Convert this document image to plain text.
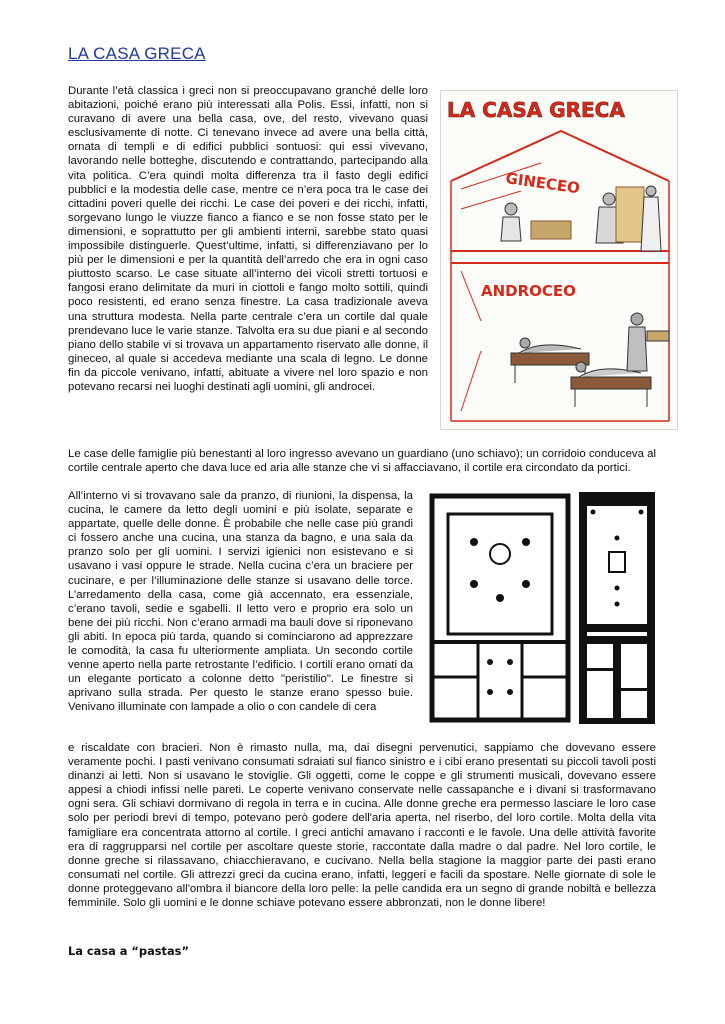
LA CASA GRECA

Durante l’età classica i greci non si preoccupavano granché delle loro abitazioni, poiché erano più interessati alla Polis. Essi, infatti, non si curavano di avere una bella casa, ove, del resto, vivevano quasi esclusivamente di notte. Ci tenevano invece ad avere una bella città, ornata di templi e di edifici pubblici sontuosi: qui essi vivevano, lavorando nelle botteghe, discutendo e contrattando, partecipando alla vita politica. C’era quindi molta differenza tra il fasto degli edifici pubblici e la modestia delle case, mentre ce n’era poca tra le case dei cittadini poveri quelle dei ricchi. Le case dei poveri e dei ricchi, infatti, sorgevano lungo le viuzze fianco a fianco e se non fosse stato per le dimensioni, e soprattutto per gli ambienti interni, sarebbe stato quasi impossibile distinguerle. Quest’ultime, infatti, si differenziavano per lo più per le dimensioni e per la quantità dell’arredo che era in ogni caso piuttosto scarso. Le case situate all’interno dei vicoli stretti tortuosi e fangosi erano delimitate da muri in ciottoli e fango molto sottili, quindi poco resistenti, ed erano senza finestre. La casa tradizionale aveva una struttura modesta. Nella parte centrale c’era un cortile dal quale prendevano luce le varie stanze. Talvolta era su due piani e al secondo piano dello stabile vi si trovava un appartamento riservato alle donne, il gineceo, al quale si accedeva mediante una scala di legno. Le donne fin da piccole venivano, infatti, abituate a vivere nel loro spazio e non potevano recarsi nei luoghi destinati agli uomini, gli androcei.

Le case delle famiglie più benestanti al loro ingresso avevano un guardiano (uno schiavo); un corridoio conduceva al cortile centrale aperto che dava luce ed aria alle stanze che vi si affacciavano, il cortile era circondato da portici.

All’interno vi si trovavano sale da pranzo, di riunioni, la dispensa, la cucina, le camere da letto degli uomini e più isolate, separate e appartate, quelle delle donne. È probabile che nelle case più grandi ci fossero anche una cucina, una stanza da bagno, e una sala da pranzo solo per gli uomini. I servizi igienici non esistevano e si usavano i vasi oppure le strade. Nella cucina c’era un braciere per cucinare, e per l’illuminazione delle stanze si usavano delle torce. L’arredamento della casa, come già accennato, era essenziale, c’erano tavoli, sedie e sgabelli. Il letto vero e proprio era solo un bene dei più ricchi. Non c’erano armadi ma bauli dove si riponevano gli abiti. In epoca più tarda, quando si cominciarono ad apprezzare le comodità, la casa fu ulteriormente ampliata. Un secondo cortile venne aperto nella parte retrostante l’edificio. I cortili erano ornati da un elegante porticato a colonne detto "peristilio". Le finestre si aprivano sulla strada. Per questo le stanze erano spesso buie. Venivano illuminate con lampade a olio o con candele di cera

e riscaldate con bracieri. Non è rimasto nulla, ma, dai disegni pervenutici, sappiamo che dovevano essere veramente pochi. I pasti venivano consumati sdraiati sul fianco sinistro e i cibi erano presentati su piccoli tavoli posti dinanzi ai letti. Non si usavano le stoviglie. Gli oggetti, come le coppe e gli strumenti musicali, dovevano essere appesi a chiodi infissi nelle pareti. Le coperte venivano conservate nelle cassapanche e i divani si trasformavano ogni sera. Gli schiavi dormivano di regola in terra e in cucina. Alle donne greche era permesso lasciare le loro case solo per periodi brevi di tempo, potevano però godere dell'aria aperta, nel riserbo, del loro cortile. Molta della vita famigliare era concentrata attorno al cortile. I greci antichi amavano i racconti e le favole. Una delle attività favorite era di raggrupparsi nel cortile per ascoltare queste storie, raccontate dalla madre o dal padre. Nel loro cortile, le donne greche si rilassavano, chiacchieravano, e cucivano. Nella bella stagione la maggior parte dei pasti erano consumati nel cortile. Gli attrezzi greci da cucina erano, infatti, leggeri e facili da spostare. Nelle giornate di sole le donne proteggevano all'ombra il biancore della loro pelle: la pelle candida era un segno di grande nobiltà e bellezza femminile. Solo gli uomini e le donne schiave potevano essere abbronzati, non le donne libere!

La casa a “pastas”
LA CASA GRECA
GINECEO
ANDROCEO
